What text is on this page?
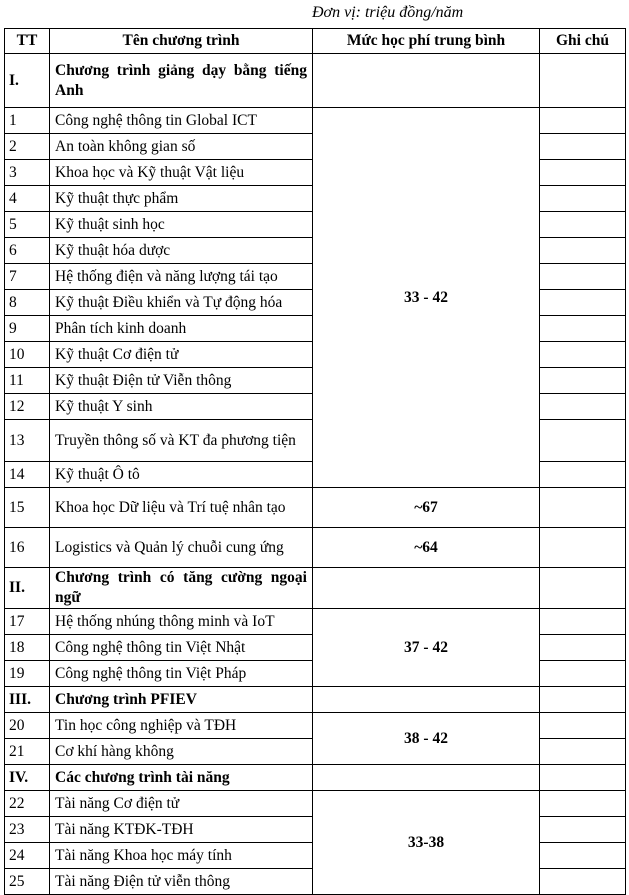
Đơn vị: triệu đồng/năm
TT	Tên chương trình	Mức học phí trung bình	Ghi chú
I.	Chương trình giảng dạy bằng tiếng Anh		
1	Công nghệ thông tin Global ICT	33 - 42	
2	An toàn không gian số		
3	Khoa học và Kỹ thuật Vật liệu		
4	Kỹ thuật thực phẩm		
5	Kỹ thuật sinh học		
6	Kỹ thuật hóa dược		
7	Hệ thống điện và năng lượng tái tạo		
8	Kỹ thuật Điều khiển và Tự động hóa		
9	Phân tích kinh doanh		
10	Kỹ thuật Cơ điện tử		
11	Kỹ thuật Điện tử Viễn thông		
12	Kỹ thuật Y sinh		
13	Truyền thông số và KT đa phương tiện		
14	Kỹ thuật Ô tô		
15	Khoa học Dữ liệu và Trí tuệ nhân tạo	~67	
16	Logistics và Quản lý chuỗi cung ứng	~64	
II.	Chương trình có tăng cường ngoại ngữ		
17	Hệ thống nhúng thông minh và IoT	37 - 42	
18	Công nghệ thông tin Việt Nhật		
19	Công nghệ thông tin Việt Pháp		
III.	Chương trình PFIEV		
20	Tin học công nghiệp và TĐH	38 - 42	
21	Cơ khí hàng không		
IV.	Các chương trình tài năng		
22	Tài năng Cơ điện tử	33-38	
23	Tài năng KTĐK-TĐH		
24	Tài năng Khoa học máy tính		
25	Tài năng Điện tử viễn thông		
